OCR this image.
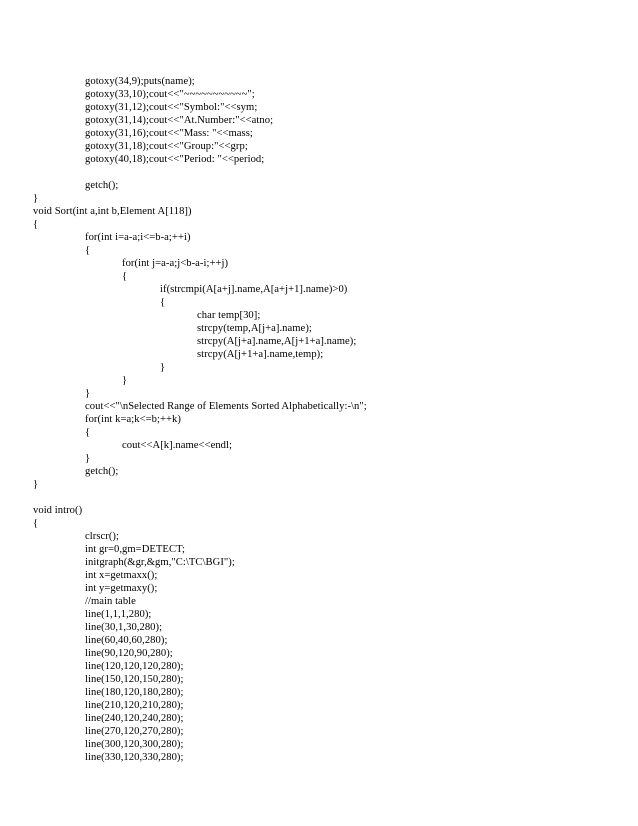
gotoxy(34,9);puts(name);
gotoxy(33,10);cout<<"~~~~~~~~~~~";
gotoxy(31,12);cout<<"Symbol:"<<sym;
gotoxy(31,14);cout<<"At.Number:"<<atno;
gotoxy(31,16);cout<<"Mass: "<<mass;
gotoxy(31,18);cout<<"Group:"<<grp;
gotoxy(40,18);cout<<"Period: "<<period;
getch();
}
void Sort(int a,int b,Element A[118])
{
for(int i=a-a;i<=b-a;++i)
{
for(int j=a-a;j<b-a-i;++j)
{
if(strcmpi(A[a+j].name,A[a+j+1].name)>0)
{
char temp[30];
strcpy(temp,A[j+a].name);
strcpy(A[j+a].name,A[j+1+a].name);
strcpy(A[j+1+a].name,temp);
}
}
}
cout<<"\nSelected Range of Elements Sorted Alphabetically:-\n";
for(int k=a;k<=b;++k)
{
cout<<A[k].name<<endl;
}
getch();
}
void intro()
{
clrscr();
int gr=0,gm=DETECT;
initgraph(&gr,&gm,"C:\TC\BGI");
int x=getmaxx();
int y=getmaxy();
//main table
line(1,1,1,280);
line(30,1,30,280);
line(60,40,60,280);
line(90,120,90,280);
line(120,120,120,280);
line(150,120,150,280);
line(180,120,180,280);
line(210,120,210,280);
line(240,120,240,280);
line(270,120,270,280);
line(300,120,300,280);
line(330,120,330,280);
